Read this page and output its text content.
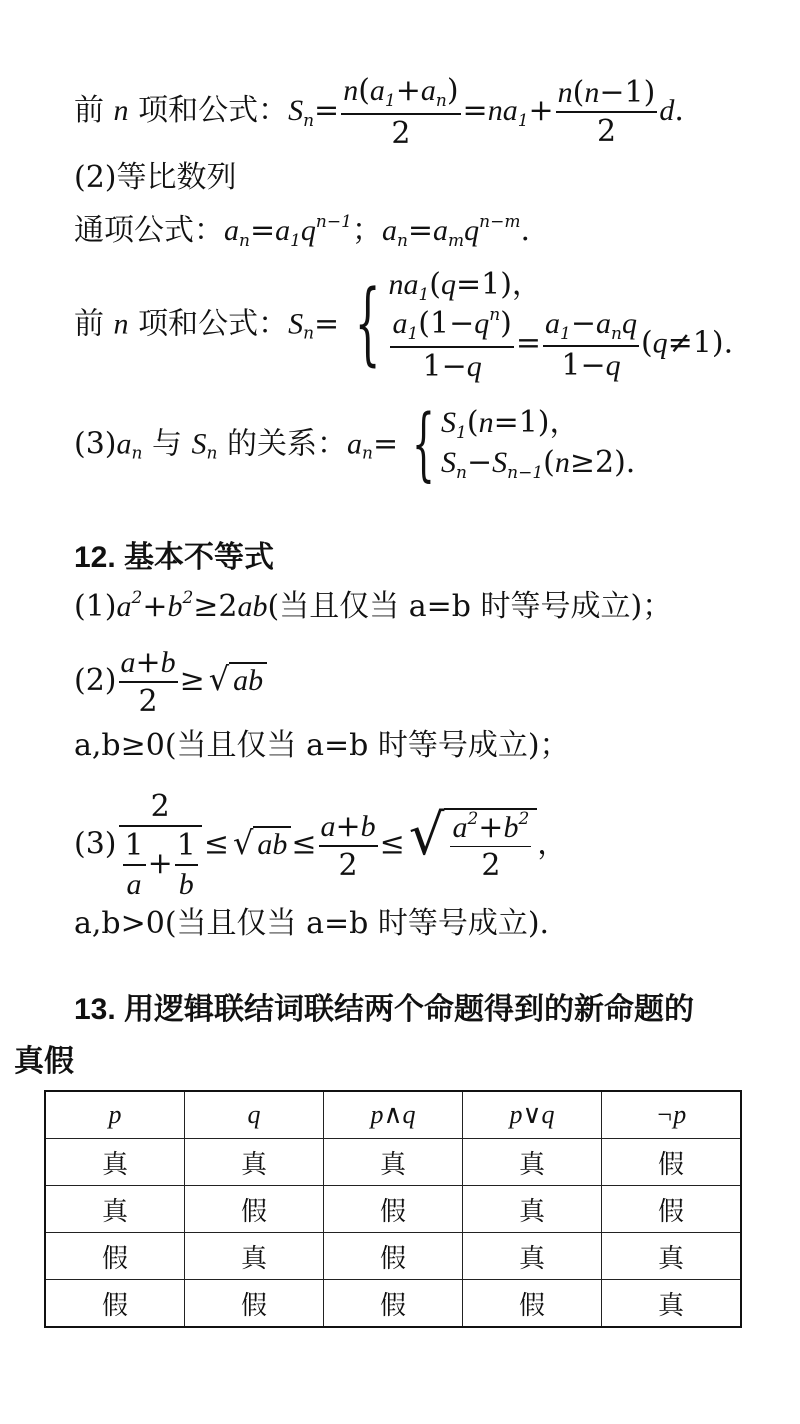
前 n 项和公式：$S_n= \frac{n(a_1+a_n)}{2} =na_1+ \frac{n(n-1)}{2} d$.
(2)等比数列
通项公式：$a_n=a_1q^{n-1}$；$a_n=a_mq^{n-m}$.
前 n 项和公式：$S_n=$ { $na_1(q=1)$，
$\frac{a_1(1-q^n)}{1-q} = \frac{a_1-a_nq}{1-q} (q\ne 1)$.
$(3)a_n$ 与 $S_n$ 的关系：$a_n=$ { $S_1(n=1)$，
$S_n-S_{n-1}(n\ge 2)$.
12. 基本不等式
$(1)a^2+b^2\ge 2ab$(当且仅当 a=b 时等号成立)；
$(2) \frac{a+b}{2}$ ≥ √ ab
a,b≥0(当且仅当 a=b 时等号成立)；
$(3) \frac{2}{\frac{1}{a} + \frac{1}{b}}$ ≤ √ ab ≤ $\frac{a+b}{2}$ ≤√ $\frac{a^2+b^2}{2}$ ，
a,b>0(当且仅当 a=b 时等号成立).
13. 用逻辑联结词联结两个命题得到的新命题的
真假
p	q	p∧q	p∨q	¬p
真	真	真	真	假
真	假	假	真	假
假	真	假	真	真
假	假	假	假	真
